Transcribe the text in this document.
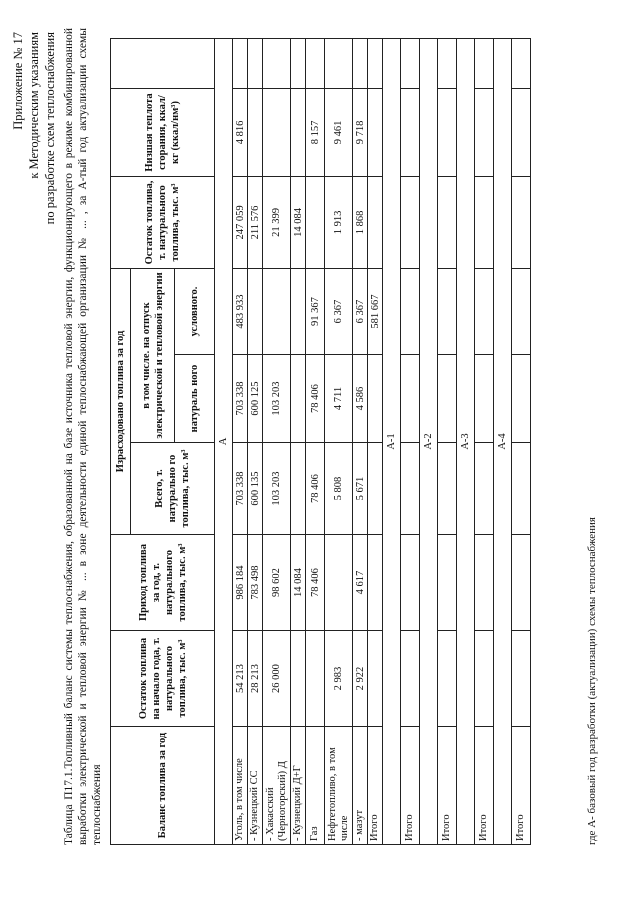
Приложение № 17 к Методическим указаниям по разработке схем теплоснабжения Таблица П17.1.Топливный баланс системы теплоснабжения, образованной на базе источника тепловой энергии, функционирующего в режиме комбинированной выработки электрической и тепловой энергии № ... в зоне деятельности единой теплоснабжающей организации № ... , за А-тый год актуализации схемы теплоснабжения	Баланс топлива за год	Остаток топлива на начало года, т. натурального топлива, тыс. м³	Приход топлива за год, т. натурального топлива, тыс. м³	Израсходовано топлива за год			Остаток топлива, т. натурального топлива, тыс. м³	Низшая теплота сгорания, ккал/кг (ккал/нм³)	
			Всего, т. натурально го топлива, тыс. м³	в том числе. на отпуск электрической и тепловой энергии				
				натураль ного	условного.			
А								
Уголь, в том числе	54 213	986 184	703 338	703 338	483 933	247 059	4 816	
- Кузнецкий СС	28 213	783 498	600 135	600 125		211 576		
- Хакасский (Черногорский) Д	26 000	98 602	103 203	103 203		21 399		
- Кузнецкий Д+Г		14 084				14 084		
Газ		78 406	78 406	78 406	91 367		8 157	
Нефтетопливо, в том числе	2 983		5 808	4 711	6 367	1 913	9 461	
- мазут	2 922	4 617	5 671	4 586	6 367	1 868	9 718	
Итого					581 667			
А-1								
Итого								
А-2								
Итого								
А-3								
Итого								
А-4								
Итого									где А- базовый год разработки (актуализации) схемы теплоснабжения
